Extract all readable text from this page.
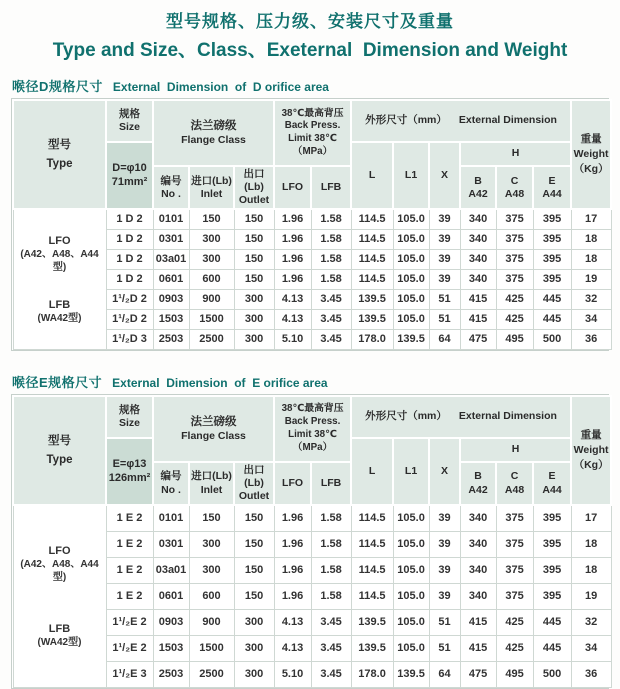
型号规格、压力级、安装尺寸及重量
Type and Size、Class、Exeternal  Dimension and Weight
喉径D规格尺寸 External  Dimension  of  D orifice area
型号
Type	规格
Size	法兰磅级
Flange Class			38℃最高背压
Back Press.
Limit 38℃
（MPa）		外形尺寸（mm） External Dimension						重量
Weight
（Kg）

	D=φ10
71mm²						L	L1	X	H			

		编号
No .	进口(Lb)
Inlet	出口(Lb)
Outlet	LFO	LFB				B
A42	C
A48	E
A44	

LFO
(A42、A48、A44型)
LFB
(WA42型)	1 D 2	0101	150	150	1.96	1.58	114.5	105.0	39	340	375	395	17
	1 D 2	0301	300	150	1.96	1.58	114.5	105.0	39	340	375	395	18
	1 D 2	03a01	300	150	1.96	1.58	114.5	105.0	39	340	375	395	18
	1 D 2	0601	600	150	1.96	1.58	114.5	105.0	39	340	375	395	19
	1¹/₂D 2	0903	900	300	4.13	3.45	139.5	105.0	51	415	425	445	32
	1¹/₂D 2	1503	1500	300	4.13	3.45	139.5	105.0	51	415	425	445	34
	1¹/₂D 3	2503	2500	300	5.10	3.45	178.0	139.5	64	475	495	500	36
喉径E规格尺寸 External  Dimension  of  E orifice area
型号
Type	规格
Size	法兰磅级
Flange Class			38℃最高背压
Back Press.
Limit 38℃
（MPa）		外形尺寸（mm） External Dimension						重量
Weight
（Kg）

	E=φ13
126mm²						L	L1	X	H			

		编号
No .	进口(Lb)
Inlet	出口(Lb)
Outlet	LFO	LFB				B
A42	C
A48	E
A44	

LFO
(A42、A48、A44型)
LFB
(WA42型)	1 E 2	0101	150	150	1.96	1.58	114.5	105.0	39	340	375	395	17
	1 E 2	0301	300	150	1.96	1.58	114.5	105.0	39	340	375	395	18
	1 E 2	03a01	300	150	1.96	1.58	114.5	105.0	39	340	375	395	18
	1 E 2	0601	600	150	1.96	1.58	114.5	105.0	39	340	375	395	19
	1¹/₂E 2	0903	900	300	4.13	3.45	139.5	105.0	51	415	425	445	32
	1¹/₂E 2	1503	1500	300	4.13	3.45	139.5	105.0	51	415	425	445	34
	1¹/₂E 3	2503	2500	300	5.10	3.45	178.0	139.5	64	475	495	500	36
